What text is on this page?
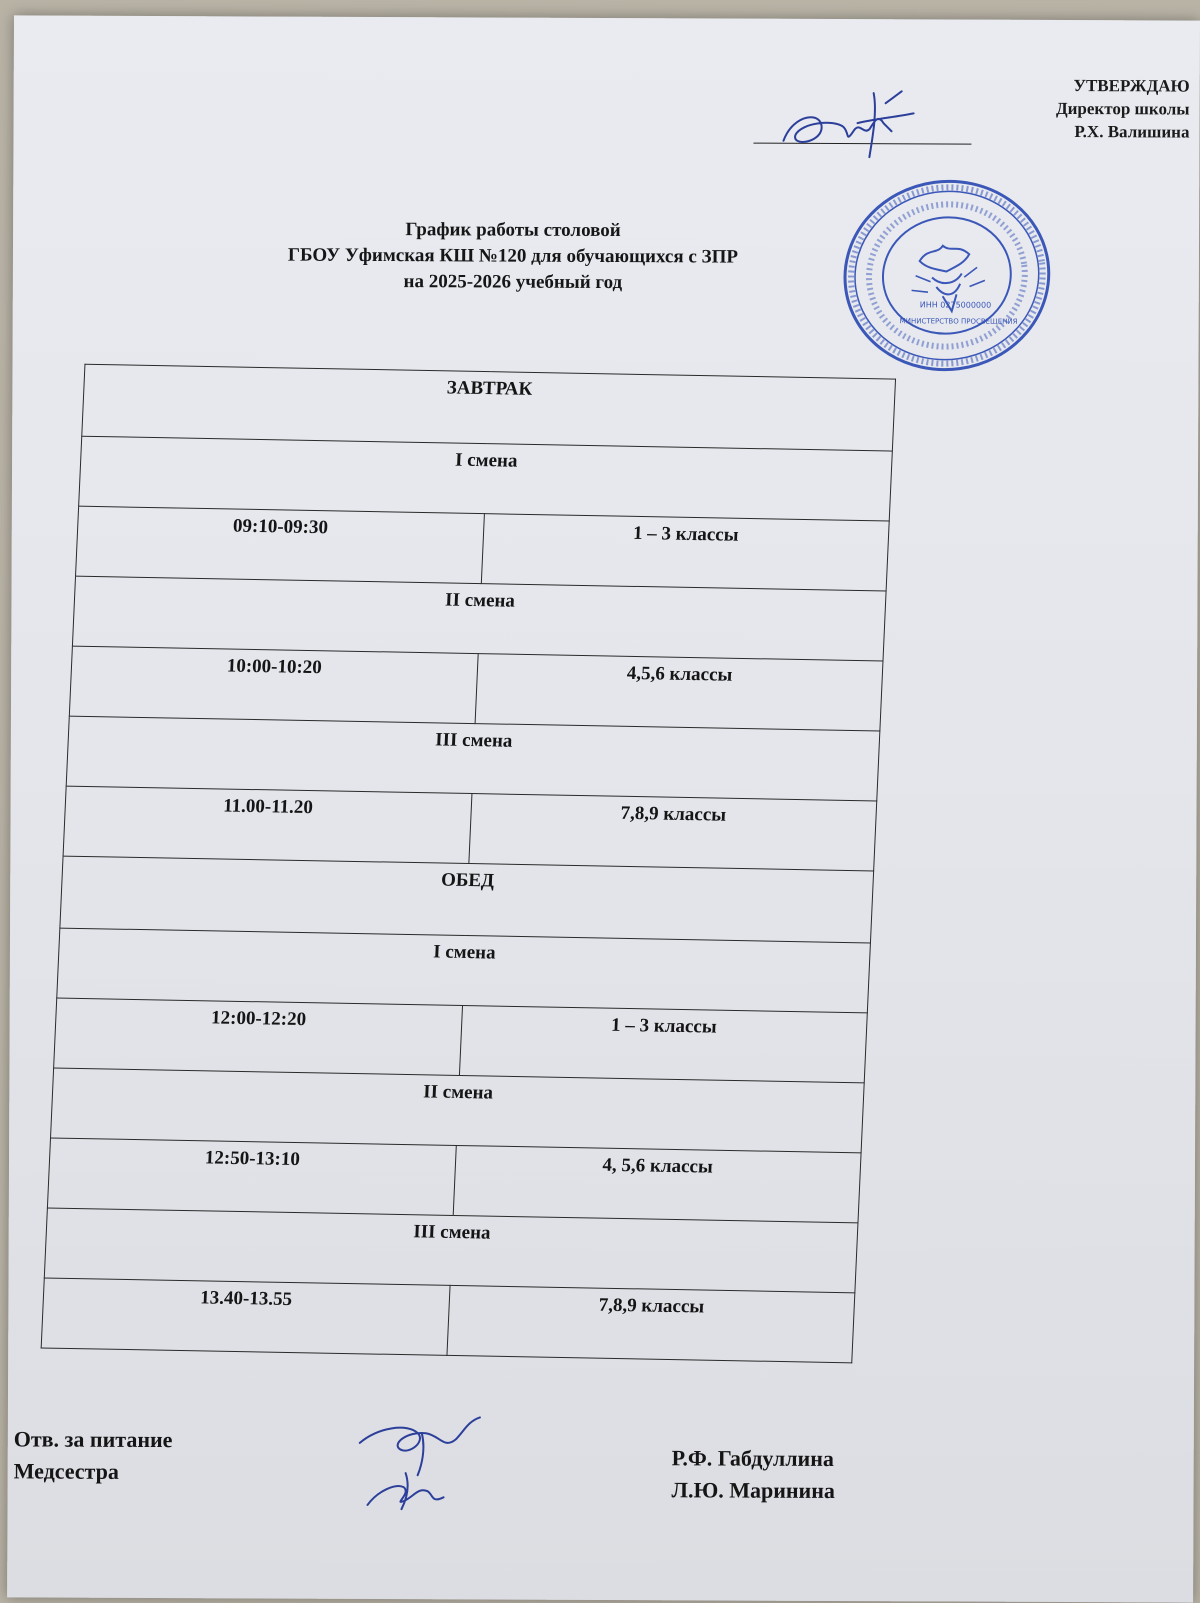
УТВЕРЖДАЮ
Директор школы
Р.Х. Валишина
ИНН 0275000000
МИНИСТЕРСТВО ПРОСВЕЩЕНИЯ
График работы столовой
ГБОУ Уфимская КШ №120 для обучающихся с ЗПР
на 2025-2026 учебный год
ЗАВТРАК	
I смена	
09:10-09:30	1 – 3 классы
II смена	
10:00-10:20	4,5,6 классы
III смена	
11.00-11.20	7,8,9 классы
ОБЕД	
I смена	
12:00-12:20	1 – 3 классы
II смена	
12:50-13:10	4, 5,6 классы
III смена	
13.40-13.55	7,8,9 классы
Отв. за питание
Медсестра
Р.Ф. Габдуллина
Л.Ю. Маринина
